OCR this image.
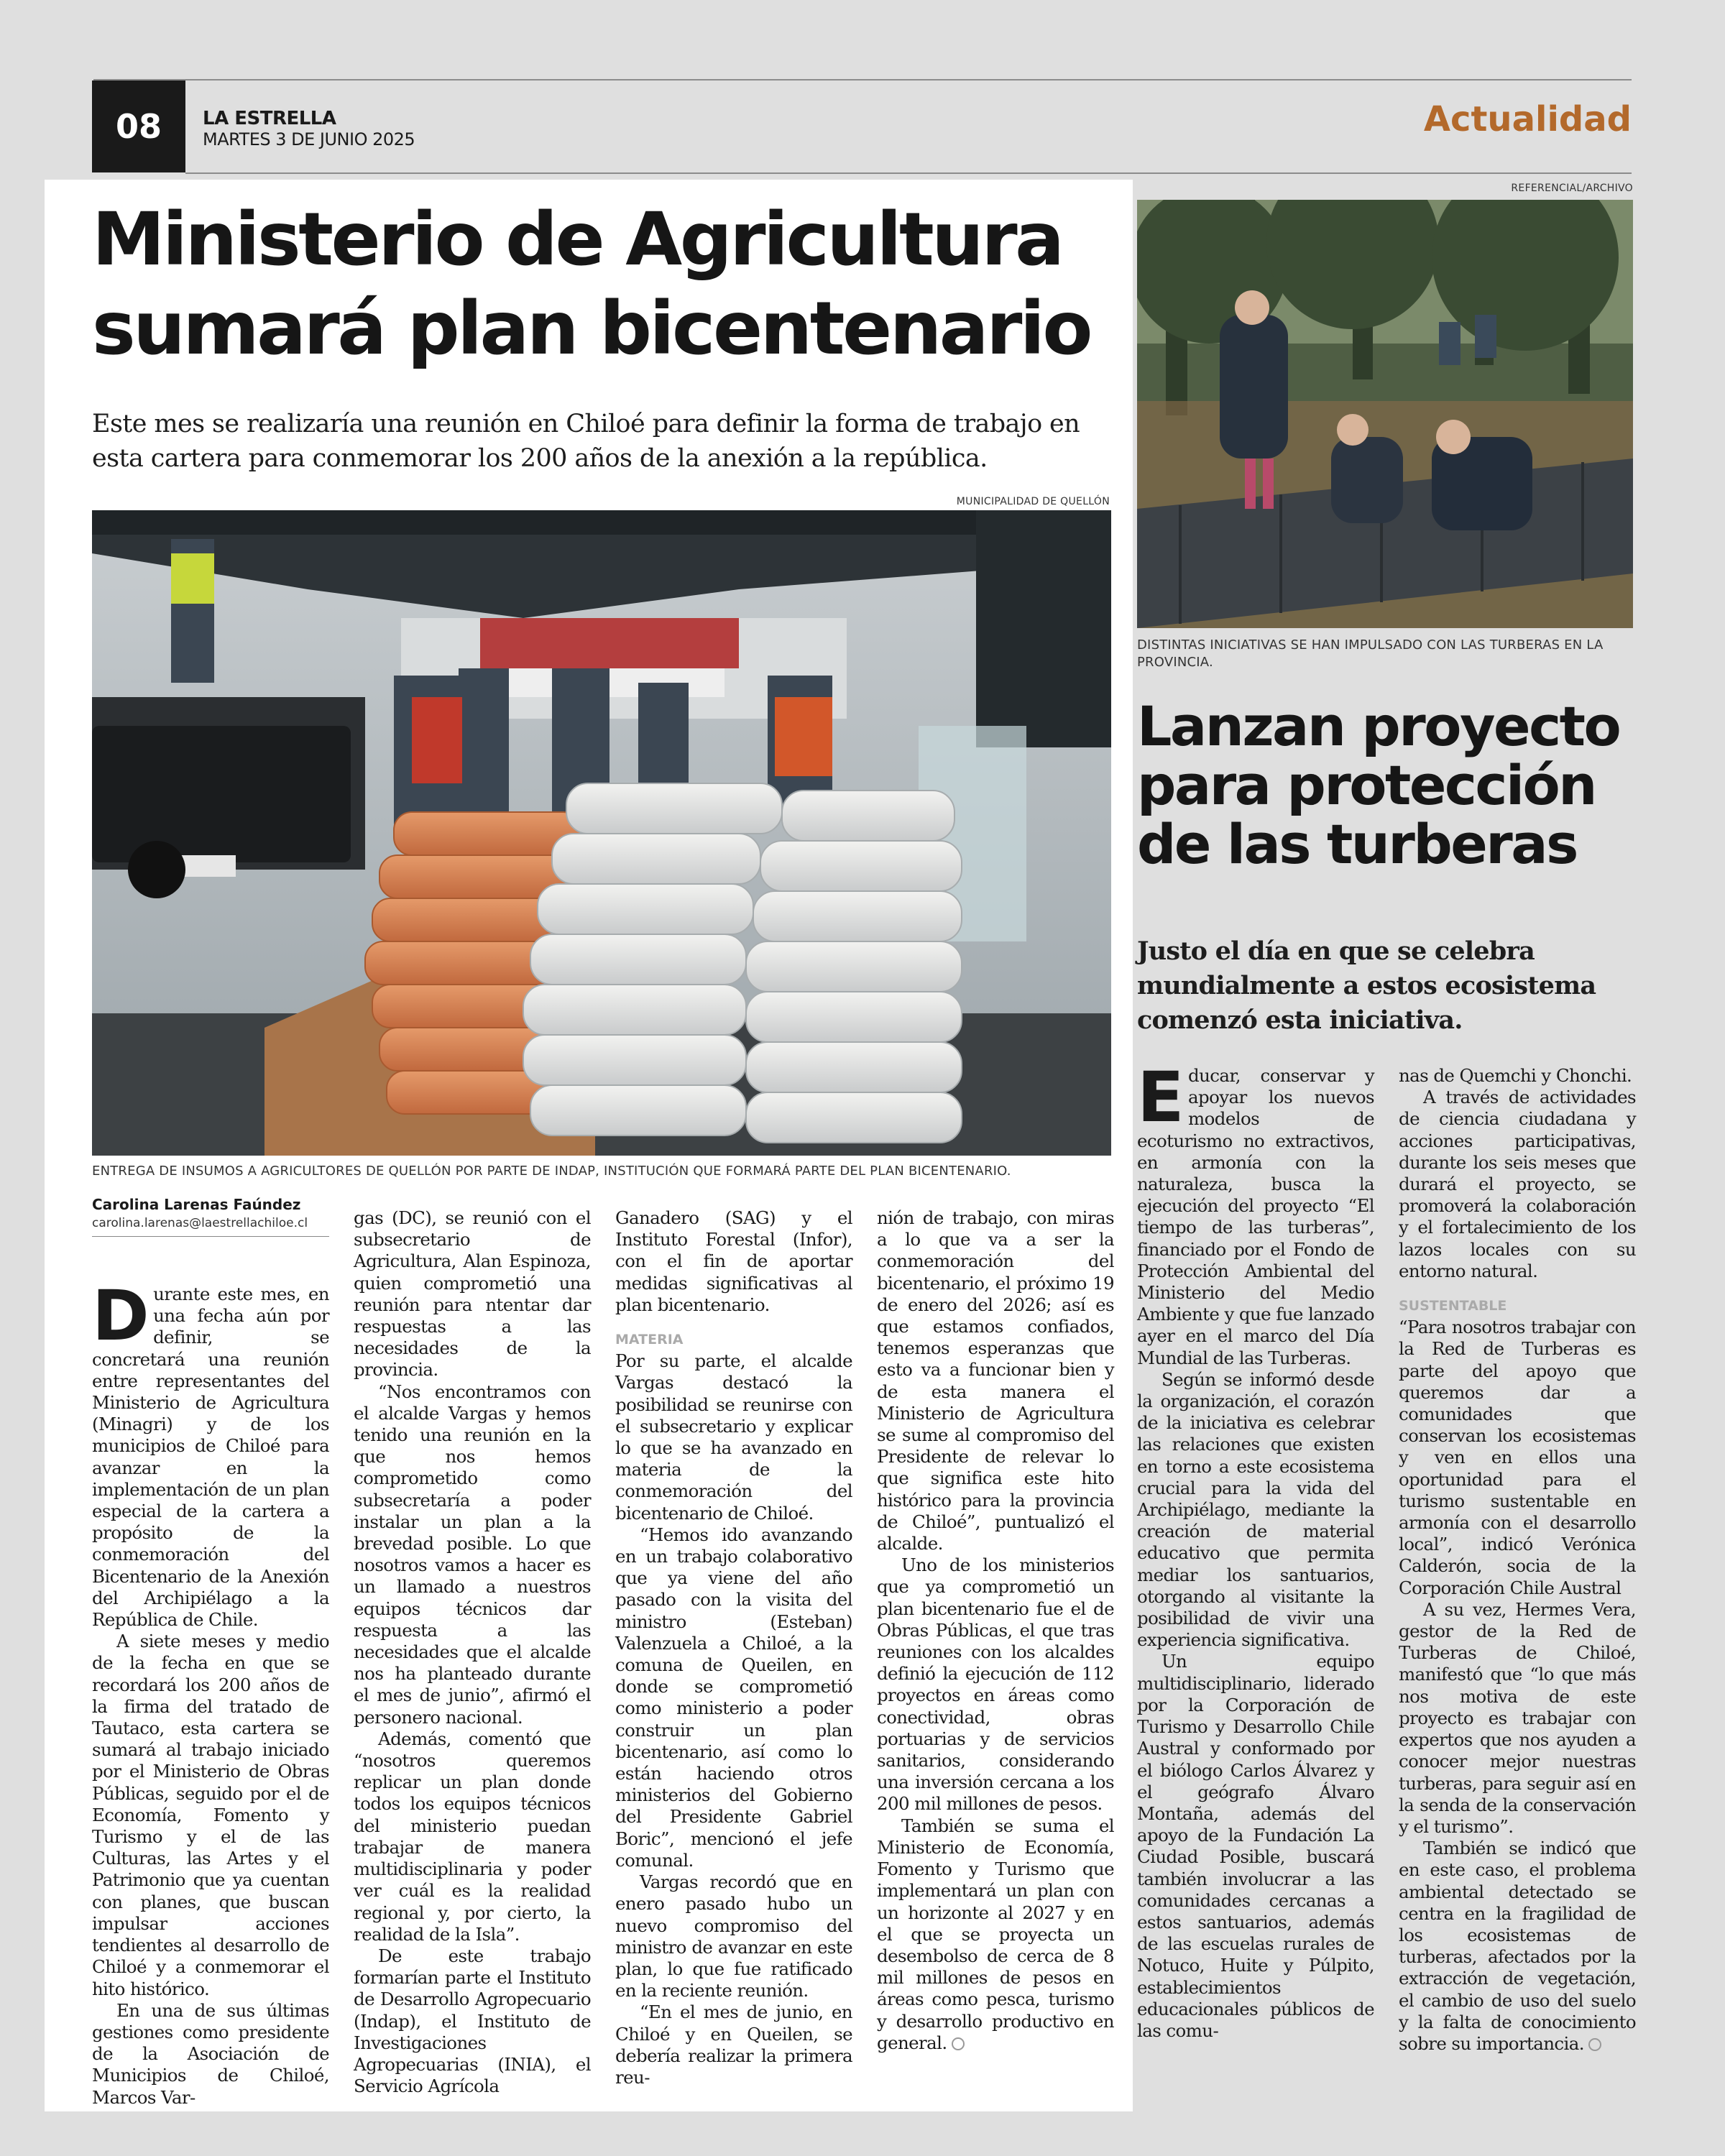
08	LA ESTRELLA
MARTES 3 DE JUNIO 2025	Actualidad
Ministerio de Agricultura sumará plan bicentenario
Este mes se realizaría una reunión en Chiloé para definir la forma de trabajo en esta cartera para conmemorar los 200 años de la anexión a la república.
MUNICIPALIDAD DE QUELLÓN
ENTREGA DE INSUMOS A AGRICULTORES DE QUELLÓN POR PARTE DE INDAP, INSTITUCIÓN QUE FORMARÁ PARTE DEL PLAN BICENTENARIO.
Carolina Larenas Faúndez
carolina.larenas@laestrellachiloe.cl

Durante este mes, en una fecha aún por definir, se concretará una reunión entre representantes del Ministerio de Agricultura (Minagri) y de los municipios de Chiloé para avanzar en la implementación de un plan especial de la cartera a propósito de la conmemoración del Bicentenario de la Anexión del Archipiélago a la República de Chile.

A siete meses y medio de la fecha en que se recordará los 200 años de la firma del tratado de Tautaco, esta cartera se sumará al trabajo iniciado por el Ministerio de Obras Públicas, seguido por el de Economía, Fomento y Turismo y el de las Culturas, las Artes y el Patrimonio que ya cuentan con planes, que buscan impulsar acciones tendientes al desarrollo de Chiloé y a conmemorar el hito histórico.

En una de sus últimas gestiones como presidente de la Asociación de Municipios de Chiloé, Marcos Var-

gas (DC), se reunió con el subsecretario de Agricultura, Alan Espinoza, quien comprometió una reunión para ntentar dar respuestas a las necesidades de la provincia.

“Nos encontramos con el alcalde Vargas y hemos tenido una reunión en la que nos hemos comprometido como subsecretaría a poder instalar un plan a la brevedad posible. Lo que nosotros vamos a hacer es un llamado a nuestros equipos técnicos dar respuesta a las necesidades que el alcalde nos ha planteado durante el mes de junio”, afirmó el personero nacional.

Además, comentó que “nosotros queremos replicar un plan donde todos los equipos técnicos del ministerio puedan trabajar de manera multidisciplinaria y poder ver cuál es la realidad regional y, por cierto, la realidad de la Isla”.

De este trabajo formarían parte el Instituto de Desarrollo Agropecuario (Indap), el Instituto de Investigaciones Agropecuarias (INIA), el Servicio Agrícola

Ganadero (SAG) y el Instituto Forestal (Infor), con el fin de aportar medidas significativas al plan bicentenario.

MATERIA

Por su parte, el alcalde Vargas destacó la posibilidad se reunirse con el subsecretario y explicar lo que se ha avanzado en materia de la conmemoración del bicentenario de Chiloé.

“Hemos ido avanzando en un trabajo colaborativo que ya viene del año pasado con la visita del ministro (Esteban) Valenzuela a Chiloé, a la comuna de Queilen, en donde se comprometió como ministerio a poder construir un plan bicentenario, así como lo están haciendo otros ministerios del Gobierno del Presidente Gabriel Boric”, mencionó el jefe comunal.

Vargas recordó que en enero pasado hubo un nuevo compromiso del ministro de avanzar en este plan, lo que fue ratificado en la reciente reunión.

“En el mes de junio, en Chiloé y en Queilen, se debería realizar la primera reu-

nión de trabajo, con miras a lo que va a ser la conmemoración del bicentenario, el próximo 19 de enero del 2026; así es que estamos confiados, tenemos esperanzas que esto va a funcionar bien y de esta manera el Ministerio de Agricultura se sume al compromiso del Presidente de relevar lo que significa este hito histórico para la provincia de Chiloé”, puntualizó el alcalde.

Uno de los ministerios que ya comprometió un plan bicentenario fue el de Obras Públicas, el que tras reuniones con los alcaldes definió la ejecución de 112 proyectos en áreas como conectividad, obras portuarias y de servicios sanitarios, considerando una inversión cercana a los 200 mil millones de pesos.

También se suma el Ministerio de Economía, Fomento y Turismo que implementará un plan con un horizonte al 2027 y en el que se proyecta un desembolso de cerca de 8 mil millones de pesos en áreas como pesca, turismo y desarrollo productivo en general.

REFERENCIAL/ARCHIVO
DISTINTAS INICIATIVAS SE HAN IMPULSADO CON LAS TURBERAS EN LA PROVINCIA.
Lanzan proyecto para protección de las turberas
Justo el día en que se celebra mundialmente a estos ecosistema comenzó esta iniciativa.

Educar, conservar y apoyar los nuevos modelos de ecoturismo no extractivos, en armonía con la naturaleza, busca la ejecución del proyecto “El tiempo de las turberas”, financiado por el Fondo de Protección Ambiental del Ministerio del Medio Ambiente y que fue lanzado ayer en el marco del Día Mundial de las Turberas.

Según se informó desde la organización, el corazón de la iniciativa es celebrar las relaciones que existen en torno a este ecosistema crucial para la vida del Archipiélago, mediante la creación de material educativo que permita mediar los santuarios, otorgando al visitante la posibilidad de vivir una experiencia significativa.

Un equipo multidisciplinario, liderado por la Corporación de Turismo y Desarrollo Chile Austral y conformado por el biólogo Carlos Álvarez y el geógrafo Álvaro Montaña, además del apoyo de la Fundación La Ciudad Posible, buscará también involucrar a las comunidades cercanas a estos santuarios, además de las escuelas rurales de Notuco, Huite y Púlpito, establecimientos educacionales públicos de las comu-

nas de Quemchi y Chonchi.

A través de actividades de ciencia ciudadana y acciones participativas, durante los seis meses que durará el proyecto, se promoverá la colaboración y el fortalecimiento de los lazos locales con su entorno natural.

SUSTENTABLE

“Para nosotros trabajar con la Red de Turberas es parte del apoyo que queremos dar a comunidades que conservan los ecosistemas y ven en ellos una oportunidad para el turismo sustentable en armonía con el desarrollo local”, indicó Verónica Calderón, socia de la Corporación Chile Austral

A su vez, Hermes Vera, gestor de la Red de Turberas de Chiloé, manifestó que “lo que más nos motiva de este proyecto es trabajar con expertos que nos ayuden a conocer mejor nuestras turberas, para seguir así en la senda de la conservación y el turismo”.

También se indicó que en este caso, el problema ambiental detectado se centra en la fragilidad de los ecosistemas de turberas, afectados por la extracción de vegetación, el cambio de uso del suelo y la falta de conocimiento sobre su importancia.
